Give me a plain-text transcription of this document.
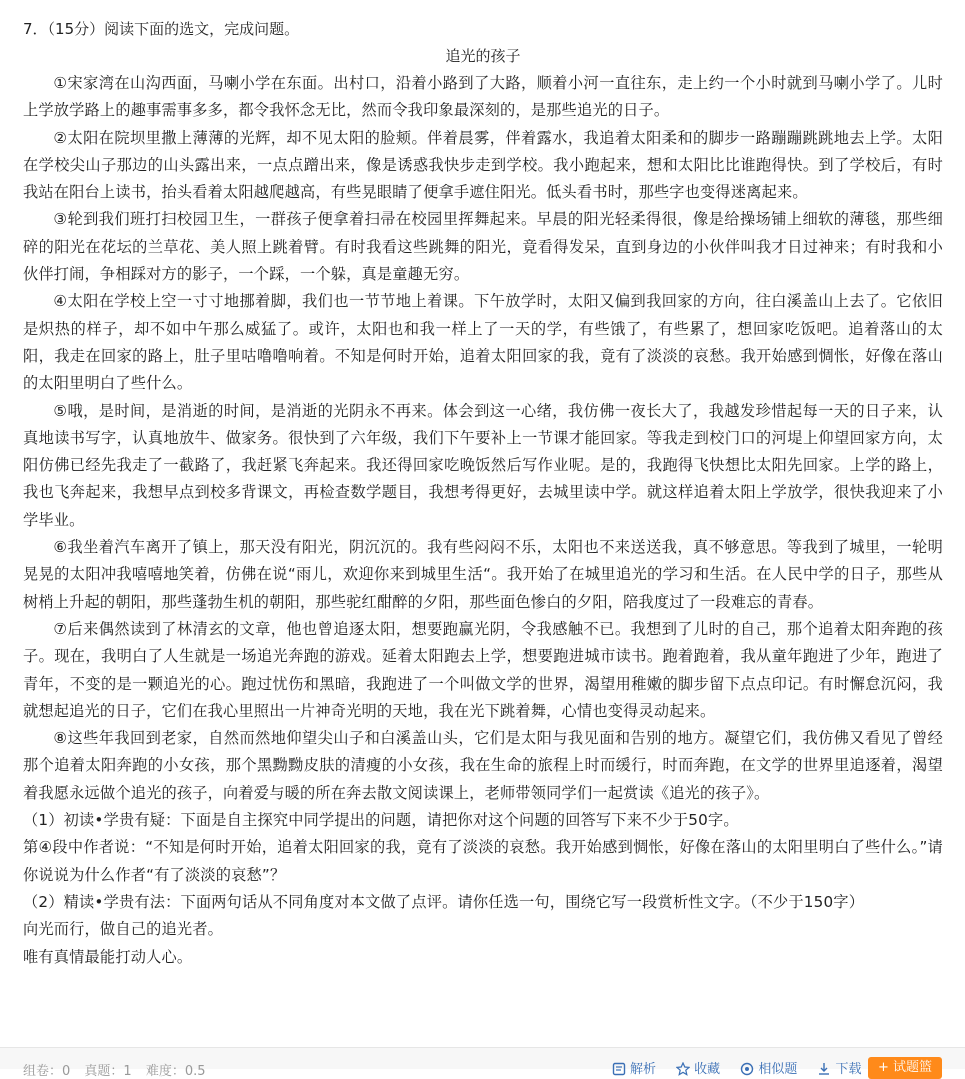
7．（15分）阅读下面的选文，完成问题。

追光的孩子

①宋家湾在山沟西面，马喇小学在东面。出村口，沿着小路到了大路，顺着小河一直往东，走上约一个小时就到马喇小学了。儿时上学放学路上的趣事需事多多，都令我怀念无比，然而令我印象最深刻的，是那些追光的日子。

②太阳在院坝里撒上薄薄的光辉，却不见太阳的脸颊。伴着晨雾，伴着露水，我追着太阳柔和的脚步一路蹦蹦跳跳地去上学。太阳在学校尖山子那边的山头露出来，一点点蹭出来，像是诱惑我快步走到学校。我小跑起来，想和太阳比比谁跑得快。到了学校后，有时我站在阳台上读书，抬头看着太阳越爬越高，有些晃眼睛了便拿手遮住阳光。低头看书时，那些字也变得迷离起来。

③轮到我们班打扫校园卫生，一群孩子便拿着扫帚在校园里挥舞起来。早晨的阳光轻柔得很，像是给操场铺上细软的薄毯，那些细碎的阳光在花坛的兰草花、美人照上跳着臂。有时我看这些跳舞的阳光，竟看得发呆，直到身边的小伙伴叫我才日过神来；有时我和小伙伴打闹，争相踩对方的影子，一个踩，一个躲，真是童趣无穷。

④太阳在学校上空一寸寸地挪着脚，我们也一节节地上着课。下午放学时，太阳又偏到我回家的方向，往白溪盖山上去了。它依旧是炽热的样子，却不如中午那么威猛了。或许，太阳也和我一样上了一天的学，有些饿了，有些累了，想回家吃饭吧。追着落山的太阳，我走在回家的路上，肚子里咕噜噜响着。不知是何时开始，追着太阳回家的我，竟有了淡淡的哀愁。我开始感到惆怅，好像在落山的太阳里明白了些什么。

⑤哦，是时间，是消逝的时间，是消逝的光阴永不再来。体会到这一心绪，我仿佛一夜长大了，我越发珍惜起每一天的日子来，认真地读书写字，认真地放牛、做家务。很快到了六年级，我们下午要补上一节课才能回家。等我走到校门口的河堤上仰望回家方向，太阳仿佛已经先我走了一截路了，我赶紧飞奔起来。我还得回家吃晚饭然后写作业呢。是的，我跑得飞快想比太阳先回家。上学的路上，我也飞奔起来，我想早点到校多背课文，再检查数学题目，我想考得更好，去城里读中学。就这样追着太阳上学放学，很快我迎来了小学毕业。

⑥我坐着汽车离开了镇上，那天没有阳光，阴沉沉的。我有些闷闷不乐，太阳也不来送送我，真不够意思。等我到了城里，一轮明晃晃的太阳冲我嘻嘻地笑着，仿佛在说“雨儿，欢迎你来到城里生活“。我开始了在城里追光的学习和生活。在人民中学的日子，那些从树梢上升起的朝阳，那些蓬勃生机的朝阳，那些驼红酣醉的夕阳，那些面色惨白的夕阳，陪我度过了一段难忘的青春。

⑦后来偶然读到了林清玄的文章，他也曾追逐太阳，想要跑赢光阴，令我感触不已。我想到了儿时的自己，那个追着太阳奔跑的孩子。现在，我明白了人生就是一场追光奔跑的游戏。延着太阳跑去上学，想要跑进城市读书。跑着跑着，我从童年跑进了少年，跑进了青年，不变的是一颗追光的心。跑过忧伤和黑暗，我跑进了一个叫做文学的世界，渴望用稚嫩的脚步留下点点印记。有时懈怠沉闷，我就想起追光的日子，它们在我心里照出一片神奇光明的天地，我在光下跳着舞，心情也变得灵动起来。

⑧这些年我回到老家，自然而然地仰望尖山子和白溪盖山头，它们是太阳与我见面和告别的地方。凝望它们，我仿佛又看见了曾经那个追着太阳奔跑的小女孩，那个黑黝黝皮肤的清瘦的小女孩，我在生命的旅程上时而缓行，时而奔跑，在文学的世界里追逐着，渴望着我愿永远做个追光的孩子，向着爱与暖的所在奔去散文阅读课上，老师带领同学们一起赏读《追光的孩子》。

（1）初读•学贵有疑：下面是自主探究中同学提出的问题，请把你对这个问题的回答写下来不少于50字。

第④段中作者说：“不知是何时开始，追着太阳回家的我，竟有了淡淡的哀愁。我开始感到惆怅，好像在落山的太阳里明白了些什么。”请你说说为什么作者“有了淡淡的哀愁”？

（2）精读•学贵有法：下面两句话从不同角度对本文做了点评。请你任选一句，围绕它写一段赏析性文字。（不少于150字）

向光而行，做自己的追光者。

唯有真情最能打动人心。

组卷：0 真题：1 难度：0.5	解析	收藏	相似题	下载	+ 试题篮
